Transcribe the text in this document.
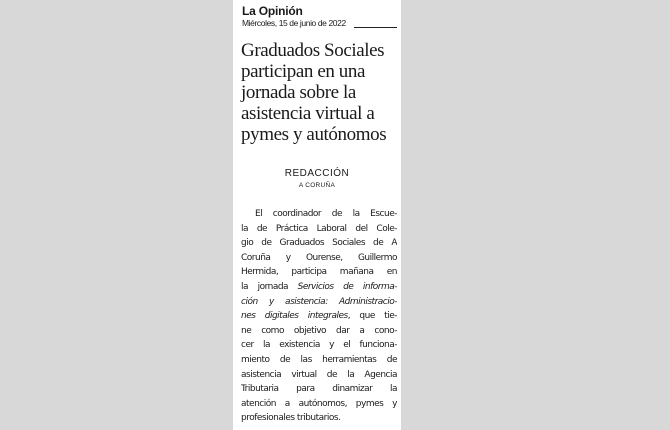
La Opinión
Miércoles, 15 de junio de 2022
Graduados Sociales
participan en una
jornada sobre la
asistencia virtual a
pymes y autónomos
REDACCIÓN
A CORUÑA
El coordinador de la Escue-
la de Práctica Laboral del Cole-
gio de Graduados Sociales de A
Coruña y Ourense, Guillermo
Hermida, participa mañana en
la jornada Servicios de informa-
ción y asistencia: Administracio-
nes digitales integrales, que tie-
ne como objetivo dar a cono-
cer la existencia y el funciona-
miento de las herramientas de
asistencia virtual de la Agencia
Tributaria para dinamizar la
atención a autónomos, pymes y
profesionales tributarios.
